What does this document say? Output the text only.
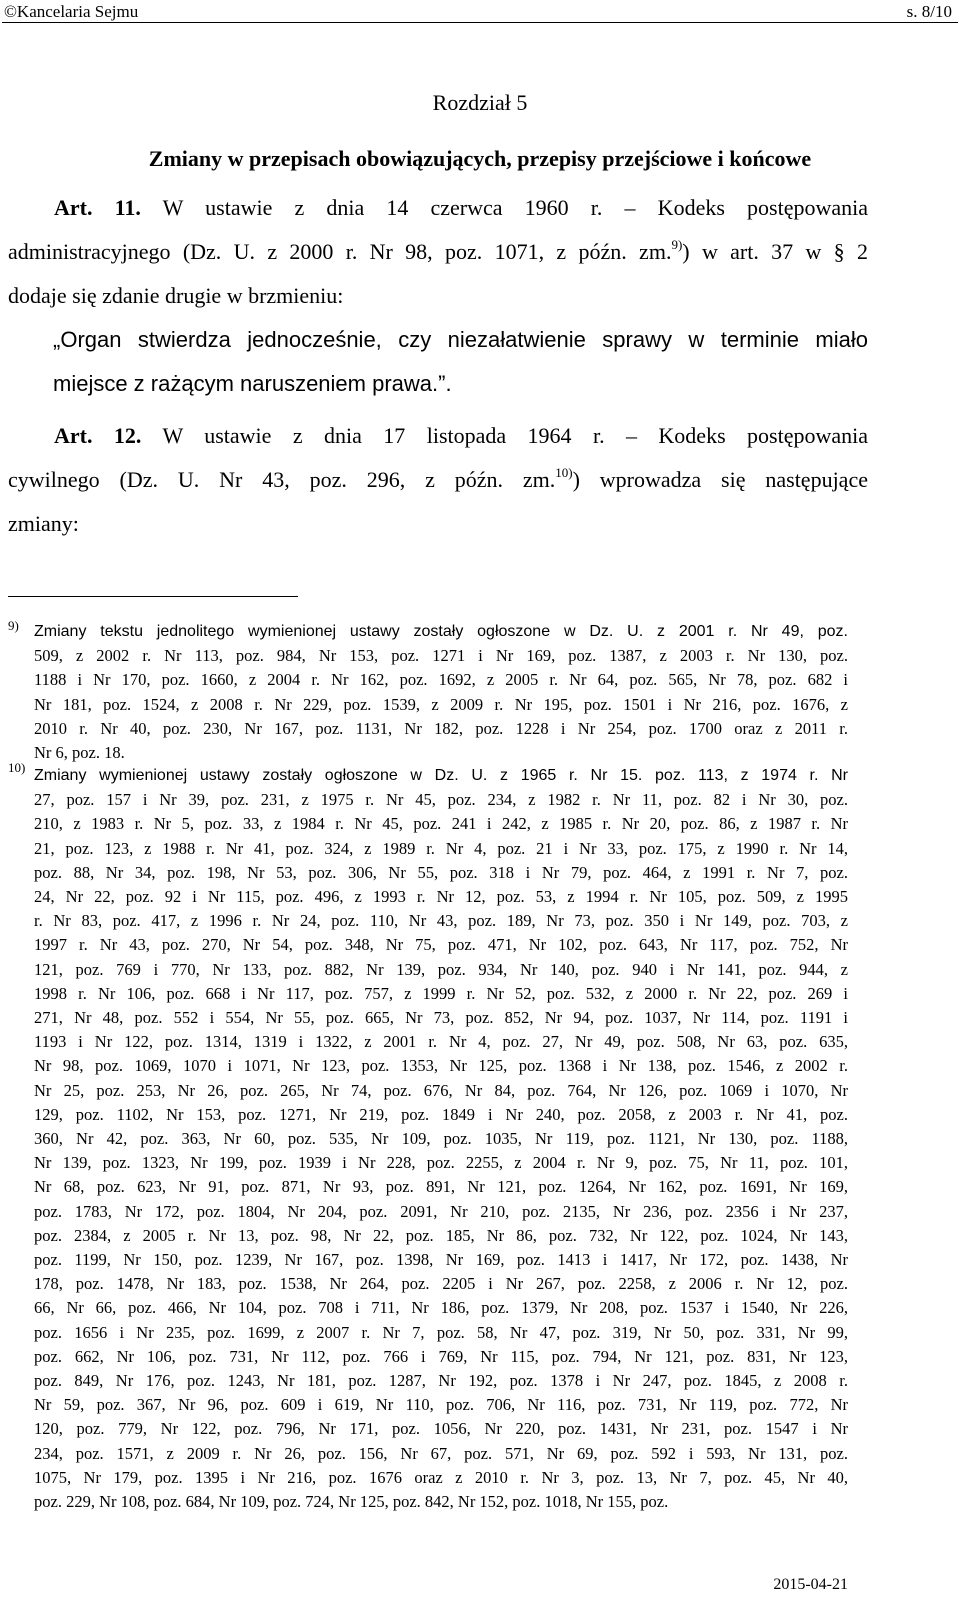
©Kancelaria Sejmu	s. 8/10
Rozdział 5
Zmiany w przepisach obowiązujących, przepisy przejściowe i końcowe
Art. 11. W ustawie z dnia 14 czerwca 1960 r. – Kodeks postępowania
administracyjnego (Dz. U. z 2000 r. Nr 98, poz. 1071, z późn. zm.$^{9)}$) w art. 37 w § 2
dodaje się zdanie drugie w brzmieniu:
„Organ stwierdza jednocześnie, czy niezałatwienie sprawy w terminie miało
miejsce z rażącym naruszeniem prawa.”.
Art. 12. W ustawie z dnia 17 listopada 1964 r. – Kodeks postępowania
cywilnego (Dz. U. Nr 43, poz. 296, z późn. zm.$^{10)}$) wprowadza się następujące
zmiany:
9) Zmiany tekstu jednolitego wymienionej ustawy zostały ogłoszone w Dz. U. z 2001 r. Nr 49, poz.
509, z 2002 r. Nr 113, poz. 984, Nr 153, poz. 1271 i Nr 169, poz. 1387, z 2003 r. Nr 130, poz.
1188 i Nr 170, poz. 1660, z 2004 r. Nr 162, poz. 1692, z 2005 r. Nr 64, poz. 565, Nr 78, poz. 682 i
Nr 181, poz. 1524, z 2008 r. Nr 229, poz. 1539, z 2009 r. Nr 195, poz. 1501 i Nr 216, poz. 1676, z
2010 r. Nr 40, poz. 230, Nr 167, poz. 1131, Nr 182, poz. 1228 i Nr 254, poz. 1700 oraz z 2011 r.
Nr 6, poz. 18.
10) Zmiany wymienionej ustawy zostały ogłoszone w Dz. U. z 1965 r. Nr 15. poz. 113, z 1974 r. Nr
27, poz. 157 i Nr 39, poz. 231, z 1975 r. Nr 45, poz. 234, z 1982 r. Nr 11, poz. 82 i Nr 30, poz.
210, z 1983 r. Nr 5, poz. 33, z 1984 r. Nr 45, poz. 241 i 242, z 1985 r. Nr 20, poz. 86, z 1987 r. Nr
21, poz. 123, z 1988 r. Nr 41, poz. 324, z 1989 r. Nr 4, poz. 21 i Nr 33, poz. 175, z 1990 r. Nr 14,
poz. 88, Nr 34, poz. 198, Nr 53, poz. 306, Nr 55, poz. 318 i Nr 79, poz. 464, z 1991 r. Nr 7, poz.
24, Nr 22, poz. 92 i Nr 115, poz. 496, z 1993 r. Nr 12, poz. 53, z 1994 r. Nr 105, poz. 509, z 1995
r. Nr 83, poz. 417, z 1996 r. Nr 24, poz. 110, Nr 43, poz. 189, Nr 73, poz. 350 i Nr 149, poz. 703, z
1997 r. Nr 43, poz. 270, Nr 54, poz. 348, Nr 75, poz. 471, Nr 102, poz. 643, Nr 117, poz. 752, Nr
121, poz. 769 i 770, Nr 133, poz. 882, Nr 139, poz. 934, Nr 140, poz. 940 i Nr 141, poz. 944, z
1998 r. Nr 106, poz. 668 i Nr 117, poz. 757, z 1999 r. Nr 52, poz. 532, z 2000 r. Nr 22, poz. 269 i
271, Nr 48, poz. 552 i 554, Nr 55, poz. 665, Nr 73, poz. 852, Nr 94, poz. 1037, Nr 114, poz. 1191 i
1193 i Nr 122, poz. 1314, 1319 i 1322, z 2001 r. Nr 4, poz. 27, Nr 49, poz. 508, Nr 63, poz. 635,
Nr 98, poz. 1069, 1070 i 1071, Nr 123, poz. 1353, Nr 125, poz. 1368 i Nr 138, poz. 1546, z 2002 r.
Nr 25, poz. 253, Nr 26, poz. 265, Nr 74, poz. 676, Nr 84, poz. 764, Nr 126, poz. 1069 i 1070, Nr
129, poz. 1102, Nr 153, poz. 1271, Nr 219, poz. 1849 i Nr 240, poz. 2058, z 2003 r. Nr 41, poz.
360, Nr 42, poz. 363, Nr 60, poz. 535, Nr 109, poz. 1035, Nr 119, poz. 1121, Nr 130, poz. 1188,
Nr 139, poz. 1323, Nr 199, poz. 1939 i Nr 228, poz. 2255, z 2004 r. Nr 9, poz. 75, Nr 11, poz. 101,
Nr 68, poz. 623, Nr 91, poz. 871, Nr 93, poz. 891, Nr 121, poz. 1264, Nr 162, poz. 1691, Nr 169,
poz. 1783, Nr 172, poz. 1804, Nr 204, poz. 2091, Nr 210, poz. 2135, Nr 236, poz. 2356 i Nr 237,
poz. 2384, z 2005 r. Nr 13, poz. 98, Nr 22, poz. 185, Nr 86, poz. 732, Nr 122, poz. 1024, Nr 143,
poz. 1199, Nr 150, poz. 1239, Nr 167, poz. 1398, Nr 169, poz. 1413 i 1417, Nr 172, poz. 1438, Nr
178, poz. 1478, Nr 183, poz. 1538, Nr 264, poz. 2205 i Nr 267, poz. 2258, z 2006 r. Nr 12, poz.
66, Nr 66, poz. 466, Nr 104, poz. 708 i 711, Nr 186, poz. 1379, Nr 208, poz. 1537 i 1540, Nr 226,
poz. 1656 i Nr 235, poz. 1699, z 2007 r. Nr 7, poz. 58, Nr 47, poz. 319, Nr 50, poz. 331, Nr 99,
poz. 662, Nr 106, poz. 731, Nr 112, poz. 766 i 769, Nr 115, poz. 794, Nr 121, poz. 831, Nr 123,
poz. 849, Nr 176, poz. 1243, Nr 181, poz. 1287, Nr 192, poz. 1378 i Nr 247, poz. 1845, z 2008 r.
Nr 59, poz. 367, Nr 96, poz. 609 i 619, Nr 110, poz. 706, Nr 116, poz. 731, Nr 119, poz. 772, Nr
120, poz. 779, Nr 122, poz. 796, Nr 171, poz. 1056, Nr 220, poz. 1431, Nr 231, poz. 1547 i Nr
234, poz. 1571, z 2009 r. Nr 26, poz. 156, Nr 67, poz. 571, Nr 69, poz. 592 i 593, Nr 131, poz.
1075, Nr 179, poz. 1395 i Nr 216, poz. 1676 oraz z 2010 r. Nr 3, poz. 13, Nr 7, poz. 45, Nr 40,
poz. 229, Nr 108, poz. 684, Nr 109, poz. 724, Nr 125, poz. 842, Nr 152, poz. 1018, Nr 155, poz.
2015-04-21
